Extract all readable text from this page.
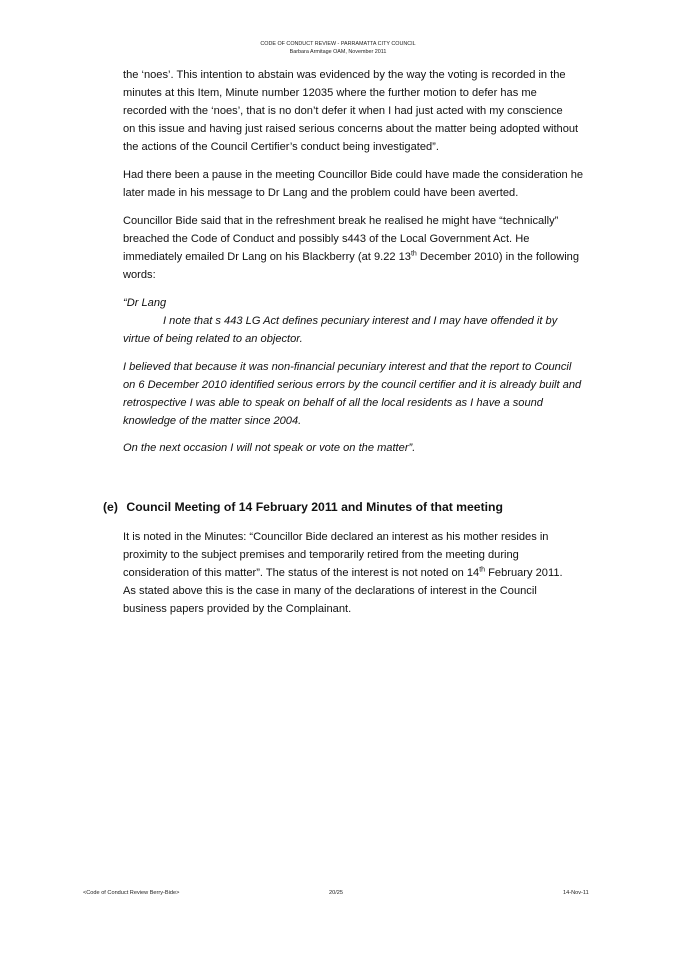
CODE OF CONDUCT REVIEW - PARRAMATTA CITY COUNCIL
Barbara Armitage OAM, November 2011

the ‘noes’. This intention to abstain was evidenced by the way the voting is recorded in the

minutes at this Item, Minute number 12035 where the further motion to defer has me

recorded with the ‘noes’, that is no don’t defer it when I had just acted with my conscience

on this issue and having just raised serious concerns about the matter being adopted without

the actions of the Council Certifier’s conduct being investigated”.

Had there been a pause in the meeting Councillor Bide could have made the consideration he

later made in his message to Dr Lang and the problem could have been averted.

Councillor Bide said that in the refreshment break he realised he might have “technically”

breached the Code of Conduct and possibly s443 of the Local Government Act. He

immediately emailed Dr Lang on his Blackberry (at 9.22 13th December 2010) in the following

words:

“Dr Lang

I note that s 443 LG Act defines pecuniary interest and I may have offended it by

virtue of being related to an objector.

I believed that because it was non-financial pecuniary interest and that the report to Council

on 6 December 2010 identified serious errors by the council certifier and it is already built and

retrospective I was able to speak on behalf of all the local residents as I have a sound

knowledge of the matter since 2004.

On the next occasion I will not speak or vote on the matter”.

(e) Council Meeting of 14 February 2011 and Minutes of that meeting

It is noted in the Minutes: “Councillor Bide declared an interest as his mother resides in

proximity to the subject premises and temporarily retired from the meeting during

consideration of this matter”. The status of the interest is not noted on 14th February 2011.

As stated above this is the case in many of the declarations of interest in the Council

business papers provided by the Complainant.

<Code of Conduct Review Berry-Bide>	20/25	14-Nov-11
